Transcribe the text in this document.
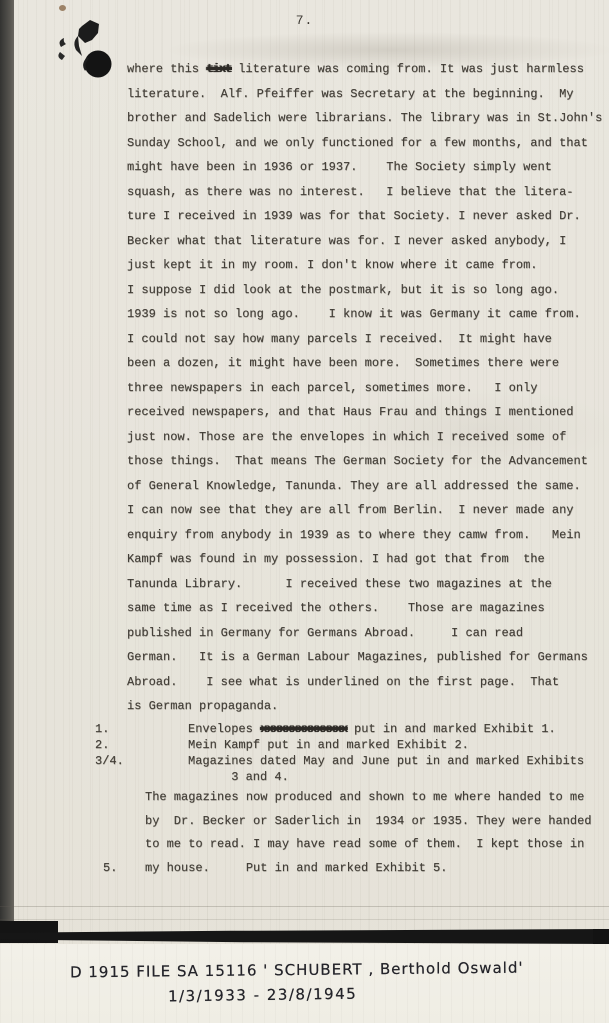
7.
where this tixt literature was coming from. It was just harmless
literature.  Alf. Pfeiffer was Secretary at the beginning.  My
brother and Sadelich were librarians. The library was in St.John's
Sunday School, and we only functioned for a few months, and that
might have been in 1936 or 1937.    The Society simply went
squash, as there was no interest.   I believe that the litera-
ture I received in 1939 was for that Society. I never asked Dr.
Becker what that literature was for. I never asked anybody, I
just kept it in my room. I don't know where it came from.
I suppose I did look at the postmark, but it is so long ago.
1939 is not so long ago.    I know it was Germany it came from.
I could not say how many parcels I received.  It might have
been a dozen, it might have been more.  Sometimes there were
three newspapers in each parcel, sometimes more.   I only
received newspapers, and that Haus Frau and things I mentioned
just now. Those are the envelopes in which I received some of
those things.  That means The German Society for the Advancement
of General Knowledge, Tanunda. They are all addressed the same.
I can now see that they are all from Berlin.  I never made any
enquiry from anybody in 1939 as to where they camw from.   Mein
Kampf was found in my possession. I had got that from  the
Tanunda Library.      I received these two magazines at the
same time as I received the others.    Those are magazines
published in Germany for Germans Abroad.     I can read
German.   It is a German Labour Magazines, published for Germans
Abroad.    I see what is underlined on the first page.  That
is German propaganda.
1.	Envelopes xxxxxxxxxxxxxx put in and marked Exhibit 1.
2.	Mein Kampf put in and marked Exhibit 2.
3/4.	Magazines dated May and June put in and marked Exhibits
3 and 4.
The magazines now produced and shown to me where handed to me
by  Dr. Becker or Saderlich in  1934 or 1935. They were handed
to me to read. I may have read some of them.  I kept those in
5. my house.     Put in and marked Exhibit 5.
D 1915 FILE SA 15116 ' SCHUBERT , Berthold Oswald'
1/3/1933 - 23/8/1945
